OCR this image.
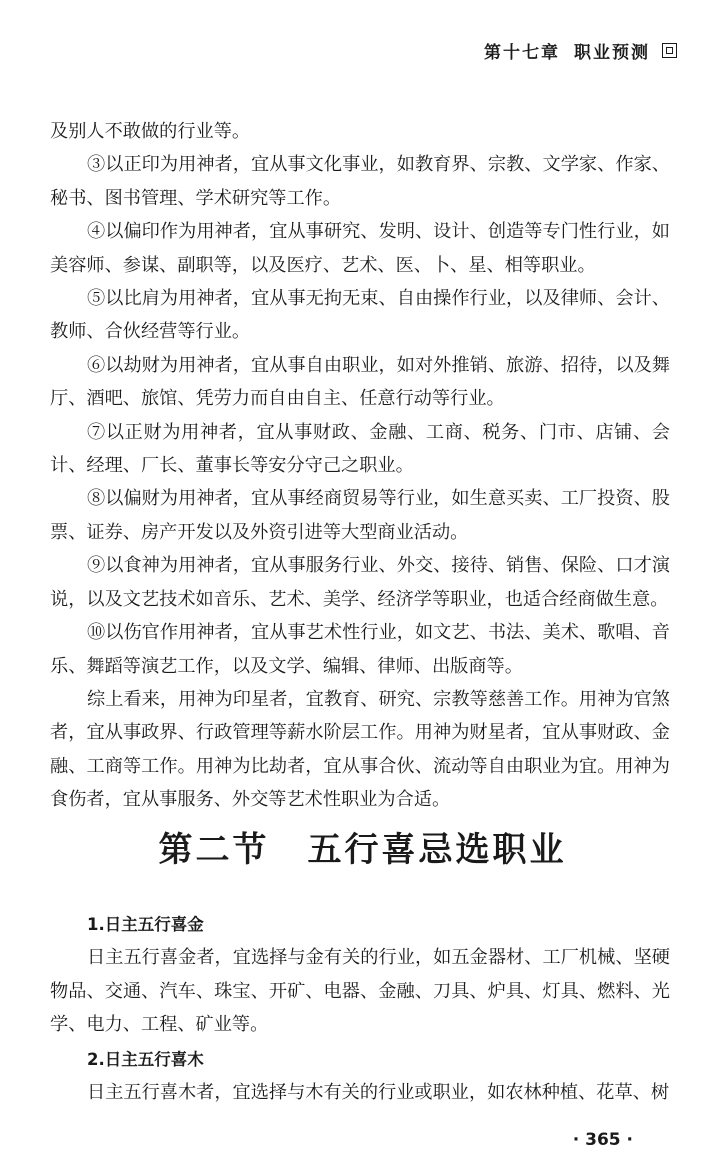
第十七章 职业预测

及别人不敢做的行业等。

③以正印为用神者，宜从事文化事业，如教育界、宗教、文学家、作家、秘书、图书管理、学术研究等工作。

④以偏印作为用神者，宜从事研究、发明、设计、创造等专门性行业，如美容师、参谋、副职等，以及医疗、艺术、医、卜、星、相等职业。

⑤以比肩为用神者，宜从事无拘无束、自由操作行业，以及律师、会计、教师、合伙经营等行业。

⑥以劫财为用神者，宜从事自由职业，如对外推销、旅游、招待，以及舞厅、酒吧、旅馆、凭劳力而自由自主、任意行动等行业。

⑦以正财为用神者，宜从事财政、金融、工商、税务、门市、店铺、会计、经理、厂长、董事长等安分守己之职业。

⑧以偏财为用神者，宜从事经商贸易等行业，如生意买卖、工厂投资、股票、证券、房产开发以及外资引进等大型商业活动。

⑨以食神为用神者，宜从事服务行业、外交、接待、销售、保险、口才演说，以及文艺技术如音乐、艺术、美学、经济学等职业，也适合经商做生意。

⑩以伤官作用神者，宜从事艺术性行业，如文艺、书法、美术、歌唱、音乐、舞蹈等演艺工作，以及文学、编辑、律师、出版商等。

综上看来，用神为印星者，宜教育、研究、宗教等慈善工作。用神为官煞者，宜从事政界、行政管理等薪水阶层工作。用神为财星者，宜从事财政、金融、工商等工作。用神为比劫者，宜从事合伙、流动等自由职业为宜。用神为食伤者，宜从事服务、外交等艺术性职业为合适。

第二节 五行喜忌选职业
1.日主五行喜金

日主五行喜金者，宜选择与金有关的行业，如五金器材、工厂机械、坚硬物品、交通、汽车、珠宝、开矿、电器、金融、刀具、炉具、灯具、燃料、光学、电力、工程、矿业等。

2.日主五行喜木

日主五行喜木者，宜选择与木有关的行业或职业，如农林种植、花草、树

· 365 ·
